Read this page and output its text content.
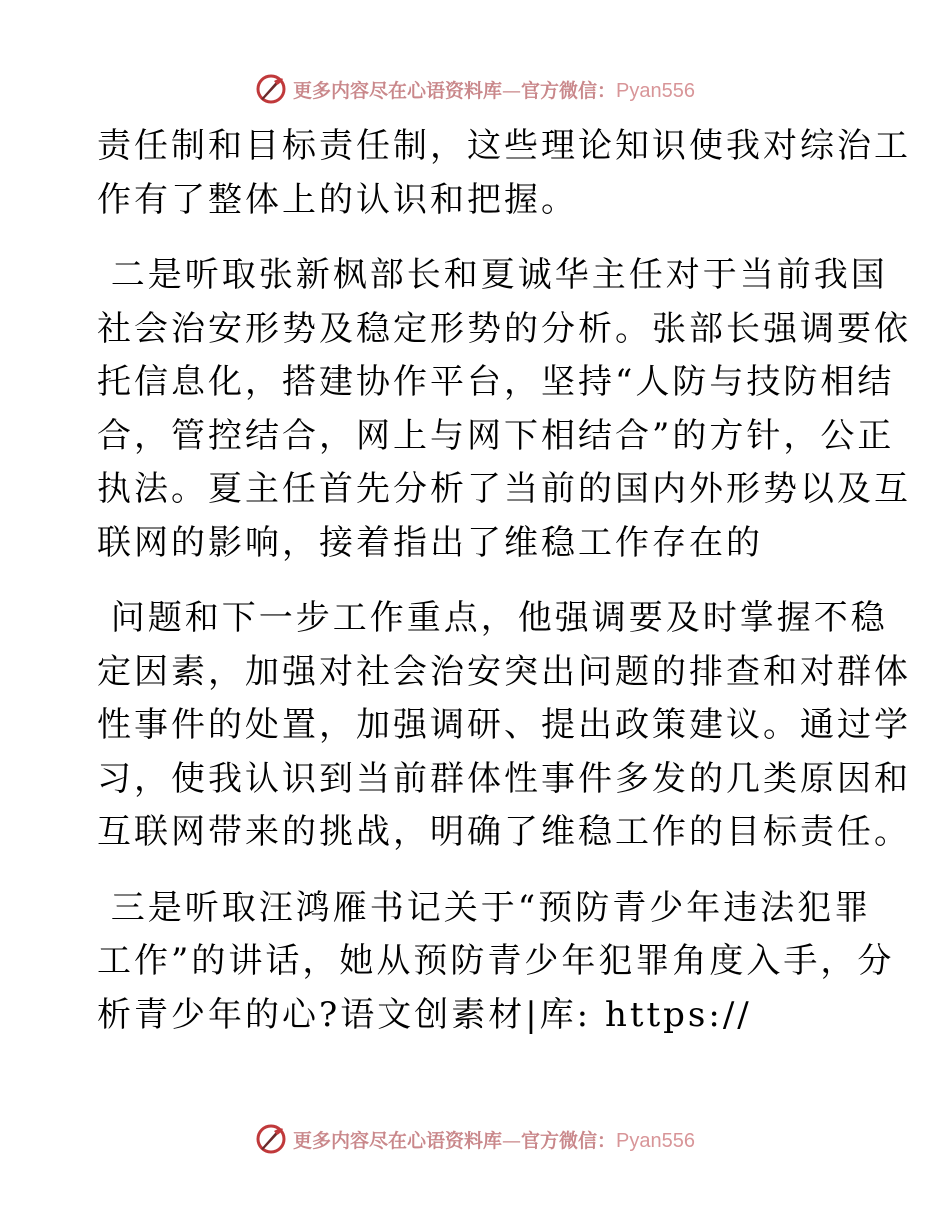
更多内容尽在心语资料库—官方微信：Pyan556

责任制和目标责任制，这些理论知识使我对综治工
作有了整体上的认识和把握。

二是听取张新枫部长和夏诚华主任对于当前我国
社会治安形势及稳定形势的分析。张部长强调要依
托信息化，搭建协作平台，坚持“人防与技防相结
合，管控结合，网上与网下相结合”的方针，公正
执法。夏主任首先分析了当前的国内外形势以及互
联网的影响，接着指出了维稳工作存在的

问题和下一步工作重点，他强调要及时掌握不稳
定因素，加强对社会治安突出问题的排查和对群体
性事件的处置，加强调研、提出政策建议。通过学
习，使我认识到当前群体性事件多发的几类原因和
互联网带来的挑战，明确了维稳工作的目标责任。

三是听取汪鸿雁书记关于“预防青少年违法犯罪
工作”的讲话，她从预防青少年犯罪角度入手，分
析青少年的心?语文创素材|库: https://

更多内容尽在心语资料库—官方微信：Pyan556
